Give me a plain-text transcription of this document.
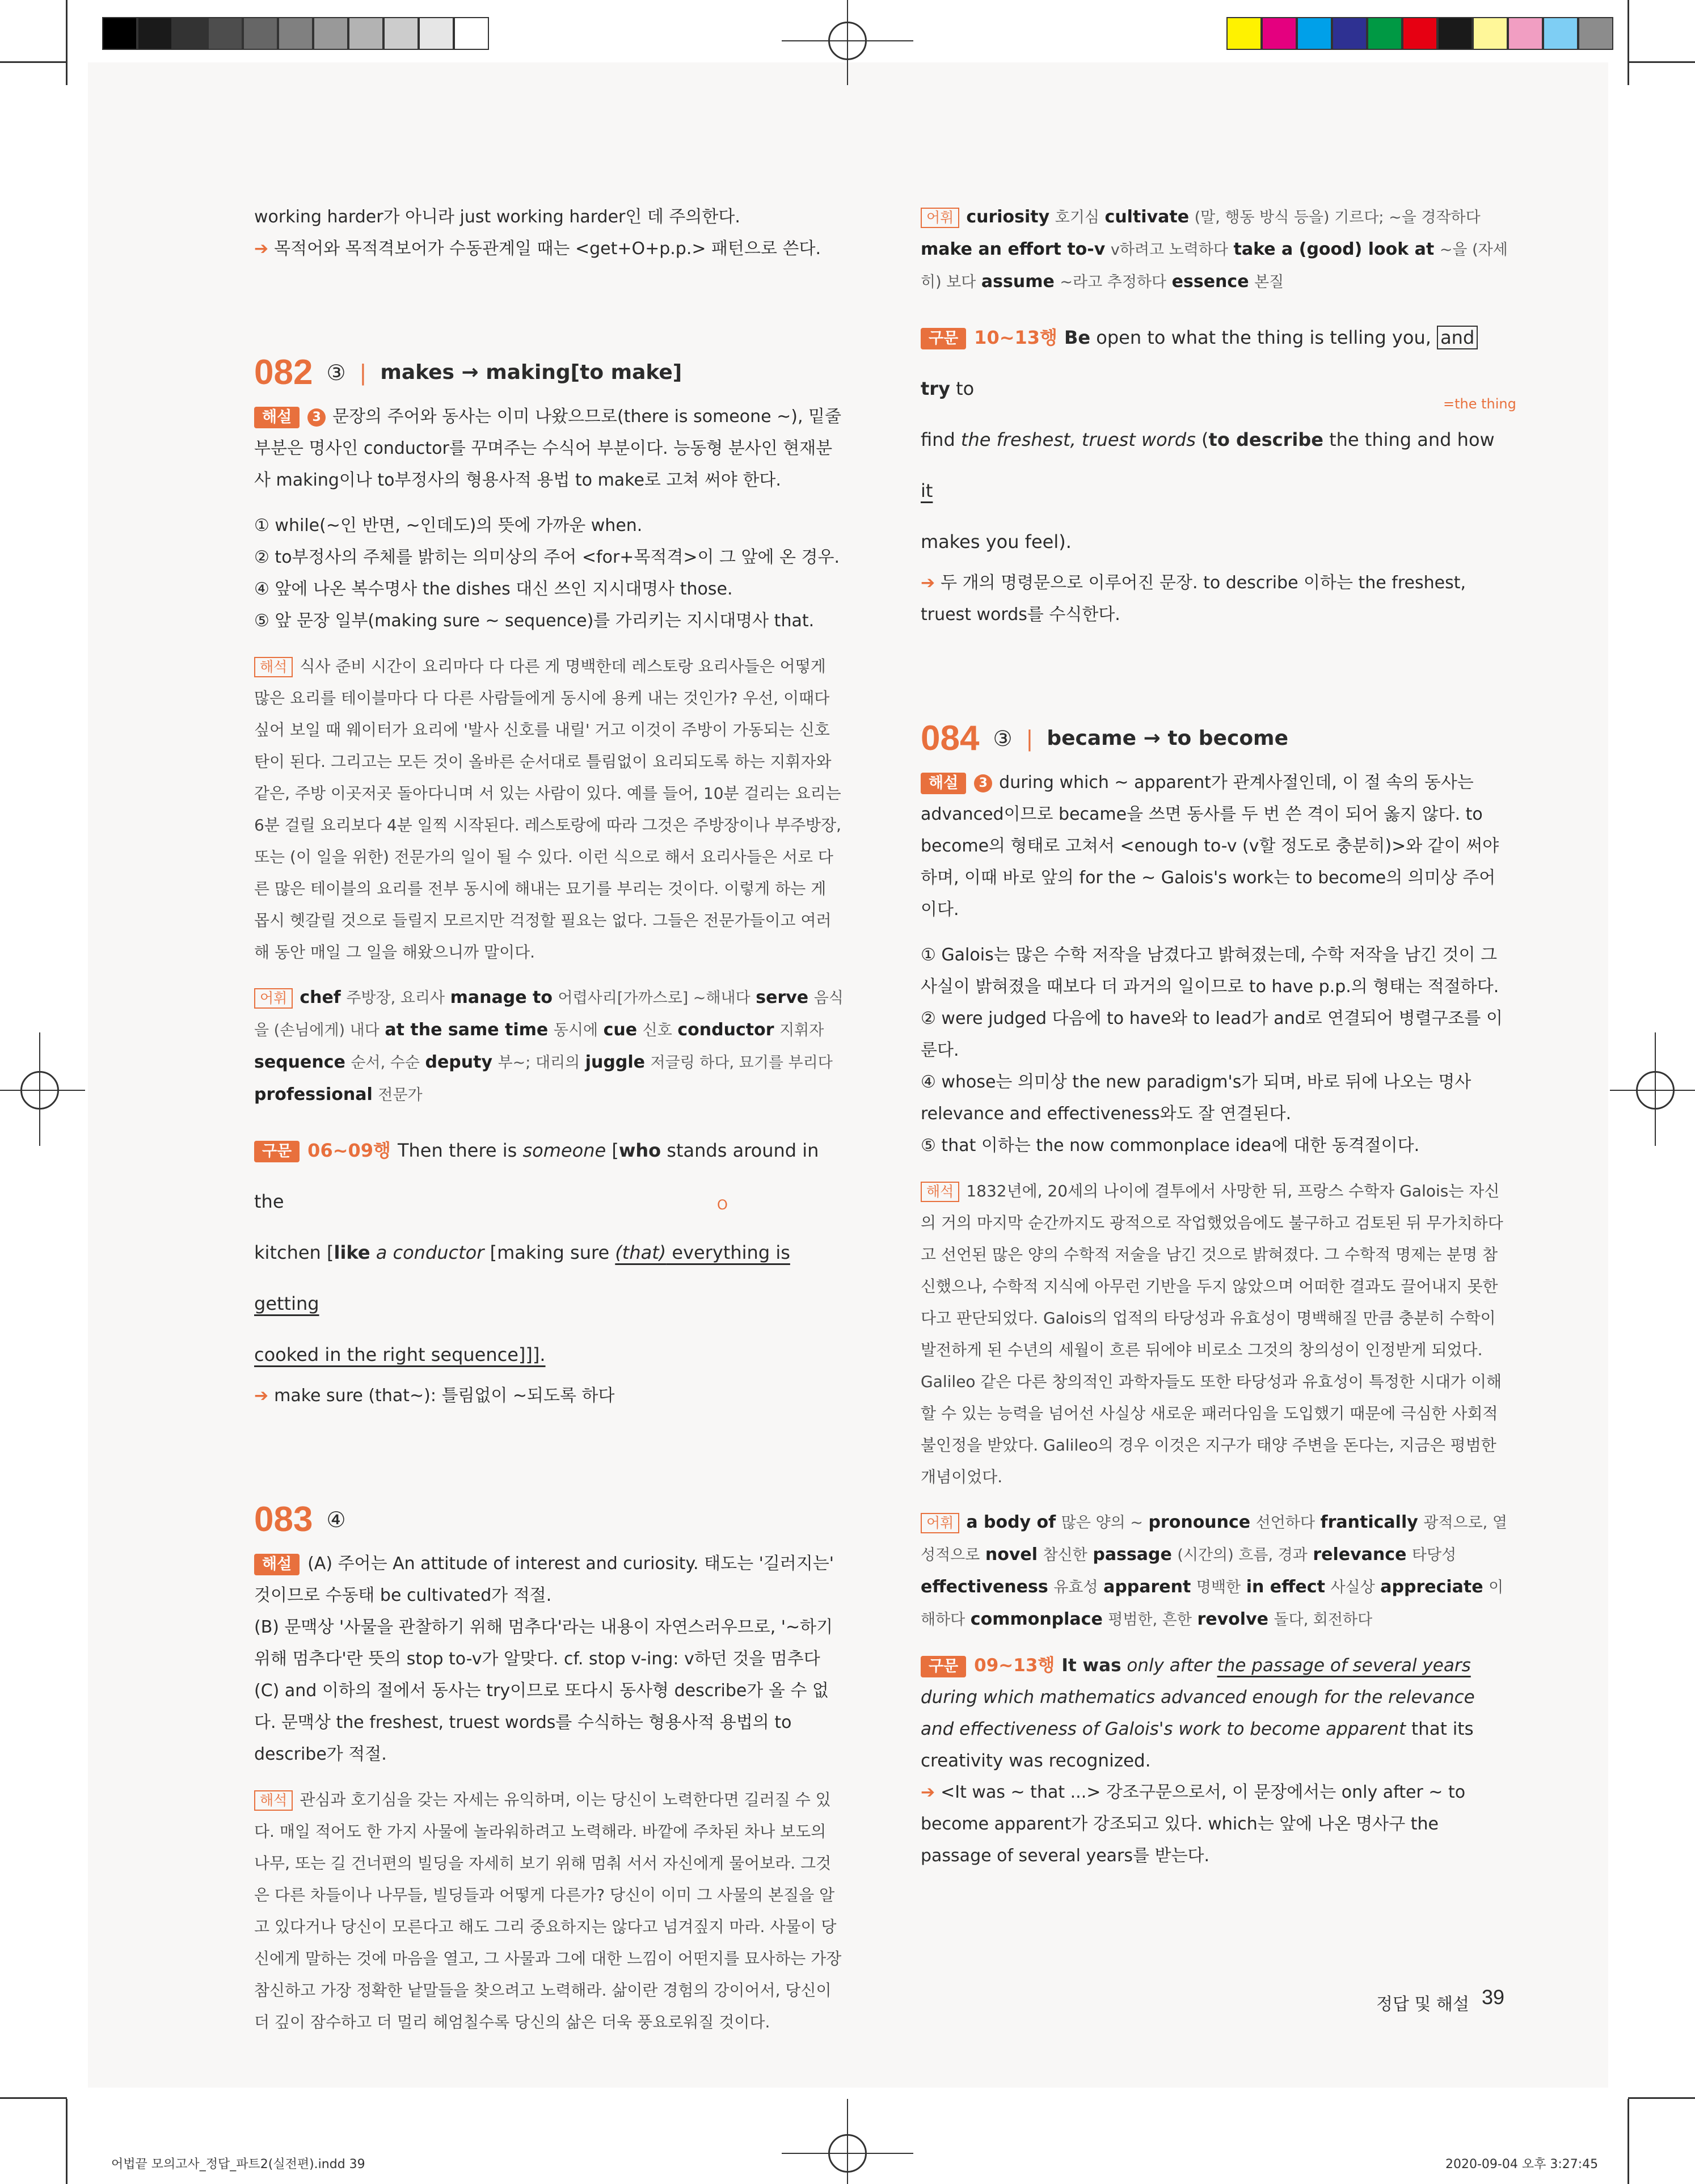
working harder가 아니라 just working harder인 데 주의한다.

➔ 목적어와 목적격보어가 수동관계일 때는 <get+O+p.p.> 패턴으로 쓴다.

082 ③ | makes → making[to make]

해설 3 문장의 주어와 동사는 이미 나왔으므로(there is someone ~), 밑줄 부분은 명사인 conductor를 꾸며주는 수식어 부분이다. 능동형 분사인 현재분사 making이나 to부정사의 형용사적 용법 to make로 고쳐 써야 한다.

① while(~인 반면, ~인데도)의 뜻에 가까운 when.

② to부정사의 주체를 밝히는 의미상의 주어 <for+목적격>이 그 앞에 온 경우.

④ 앞에 나온 복수명사 the dishes 대신 쓰인 지시대명사 those.

⑤ 앞 문장 일부(making sure ~ sequence)를 가리키는 지시대명사 that.

해석 식사 준비 시간이 요리마다 다 다른 게 명백한데 레스토랑 요리사들은 어떻게 많은 요리를 테이블마다 다 다른 사람들에게 동시에 용케 내는 것인가? 우선, 이때다 싶어 보일 때 웨이터가 요리에 '발사 신호를 내릴' 거고 이것이 주방이 가동되는 신호탄이 된다. 그리고는 모든 것이 올바른 순서대로 틀림없이 요리되도록 하는 지휘자와 같은, 주방 이곳저곳 돌아다니며 서 있는 사람이 있다. 예를 들어, 10분 걸리는 요리는 6분 걸릴 요리보다 4분 일찍 시작된다. 레스토랑에 따라 그것은 주방장이나 부주방장, 또는 (이 일을 위한) 전문가의 일이 될 수 있다. 이런 식으로 해서 요리사들은 서로 다른 많은 테이블의 요리를 전부 동시에 해내는 묘기를 부리는 것이다. 이렇게 하는 게 몹시 헷갈릴 것으로 들릴지 모르지만 걱정할 필요는 없다. 그들은 전문가들이고 여러 해 동안 매일 그 일을 해왔으니까 말이다.

어휘 chef 주방장, 요리사 manage to 어렵사리[가까스로] ~해내다 serve 음식을 (손님에게) 내다 at the same time 동시에 cue 신호 conductor 지휘자 sequence 순서, 수순 deputy 부~; 대리의 juggle 저글링 하다, 묘기를 부리다 professional 전문가

구문 06~09행 Then there is someone [who stands around in the

kitchen [like a conductor [making sure (that) everything is getting

cooked in the right sequence]]].

➔ make sure (that~): 틀림없이 ~되도록 하다

083 ④

해설 (A) 주어는 An attitude of interest and curiosity. 태도는 '길러지는' 것이므로 수동태 be cultivated가 적절.

(B) 문맥상 '사물을 관찰하기 위해 멈추다'라는 내용이 자연스러우므로, '~하기 위해 멈추다'란 뜻의 stop to-v가 알맞다. cf. stop v-ing: v하던 것을 멈추다

(C) and 이하의 절에서 동사는 try이므로 또다시 동사형 describe가 올 수 없다. 문맥상 the freshest, truest words를 수식하는 형용사적 용법의 to describe가 적절.

해석 관심과 호기심을 갖는 자세는 유익하며, 이는 당신이 노력한다면 길러질 수 있다. 매일 적어도 한 가지 사물에 놀라워하려고 노력해라. 바깥에 주차된 차나 보도의 나무, 또는 길 건너편의 빌딩을 자세히 보기 위해 멈춰 서서 자신에게 물어보라. 그것은 다른 차들이나 나무들, 빌딩들과 어떻게 다른가? 당신이 이미 그 사물의 본질을 알고 있다거나 당신이 모른다고 해도 그리 중요하지는 않다고 넘겨짚지 마라. 사물이 당신에게 말하는 것에 마음을 열고, 그 사물과 그에 대한 느낌이 어떤지를 묘사하는 가장 참신하고 가장 정확한 낱말들을 찾으려고 노력해라. 삶이란 경험의 강이어서, 당신이 더 깊이 잠수하고 더 멀리 헤엄칠수록 당신의 삶은 더욱 풍요로워질 것이다.

O

어휘 curiosity 호기심 cultivate (말, 행동 방식 등을) 기르다; ~을 경작하다 make an effort to-v v하려고 노력하다 take a (good) look at ~을 (자세히) 보다 assume ~라고 추정하다 essence 본질

구문 10~13행 Be open to what the thing is telling you, and try to

find the freshest, truest words (to describe the thing and how it

makes you feel).

➔ 두 개의 명령문으로 이루어진 문장. to describe 이하는 the freshest, truest words를 수식한다.

084 ③ | became → to become

해설 3 during which ~ apparent가 관계사절인데, 이 절 속의 동사는 advanced이므로 became을 쓰면 동사를 두 번 쓴 격이 되어 옳지 않다. to become의 형태로 고쳐서 <enough to-v (v할 정도로 충분히)>와 같이 써야 하며, 이때 바로 앞의 for the ~ Galois's work는 to become의 의미상 주어이다.

① Galois는 많은 수학 저작을 남겼다고 밝혀졌는데, 수학 저작을 남긴 것이 그 사실이 밝혀졌을 때보다 더 과거의 일이므로 to have p.p.의 형태는 적절하다.

② were judged 다음에 to have와 to lead가 and로 연결되어 병렬구조를 이룬다.

④ whose는 의미상 the new paradigm's가 되며, 바로 뒤에 나오는 명사 relevance and effectiveness와도 잘 연결된다.

⑤ that 이하는 the now commonplace idea에 대한 동격절이다.

해석 1832년에, 20세의 나이에 결투에서 사망한 뒤, 프랑스 수학자 Galois는 자신의 거의 마지막 순간까지도 광적으로 작업했었음에도 불구하고 검토된 뒤 무가치하다고 선언된 많은 양의 수학적 저술을 남긴 것으로 밝혀졌다. 그 수학적 명제는 분명 참신했으나, 수학적 지식에 아무런 기반을 두지 않았으며 어떠한 결과도 끌어내지 못한다고 판단되었다. Galois의 업적의 타당성과 유효성이 명백해질 만큼 충분히 수학이 발전하게 된 수년의 세월이 흐른 뒤에야 비로소 그것의 창의성이 인정받게 되었다. Galileo 같은 다른 창의적인 과학자들도 또한 타당성과 유효성이 특정한 시대가 이해할 수 있는 능력을 넘어선 사실상 새로운 패러다임을 도입했기 때문에 극심한 사회적 불인정을 받았다. Galileo의 경우 이것은 지구가 태양 주변을 돈다는, 지금은 평범한 개념이었다.

어휘 a body of 많은 양의 ~ pronounce 선언하다 frantically 광적으로, 열성적으로 novel 참신한 passage (시간의) 흐름, 경과 relevance 타당성 effectiveness 유효성 apparent 명백한 in effect 사실상 appreciate 이해하다 commonplace 평범한, 흔한 revolve 돌다, 회전하다

구문 09~13행 It was only after the passage of several years during which mathematics advanced enough for the relevance and effectiveness of Galois's work to become apparent that its creativity was recognized.

➔ <It was ~ that ...> 강조구문으로서, 이 문장에서는 only after ~ to become apparent가 강조되고 있다. which는 앞에 나온 명사구 the passage of several years를 받는다.

=the thing
정답 및 해설 39
어법끝 모의고사_정답_파트2(실전편).indd 39	2020-09-04 오후 3:27:45
